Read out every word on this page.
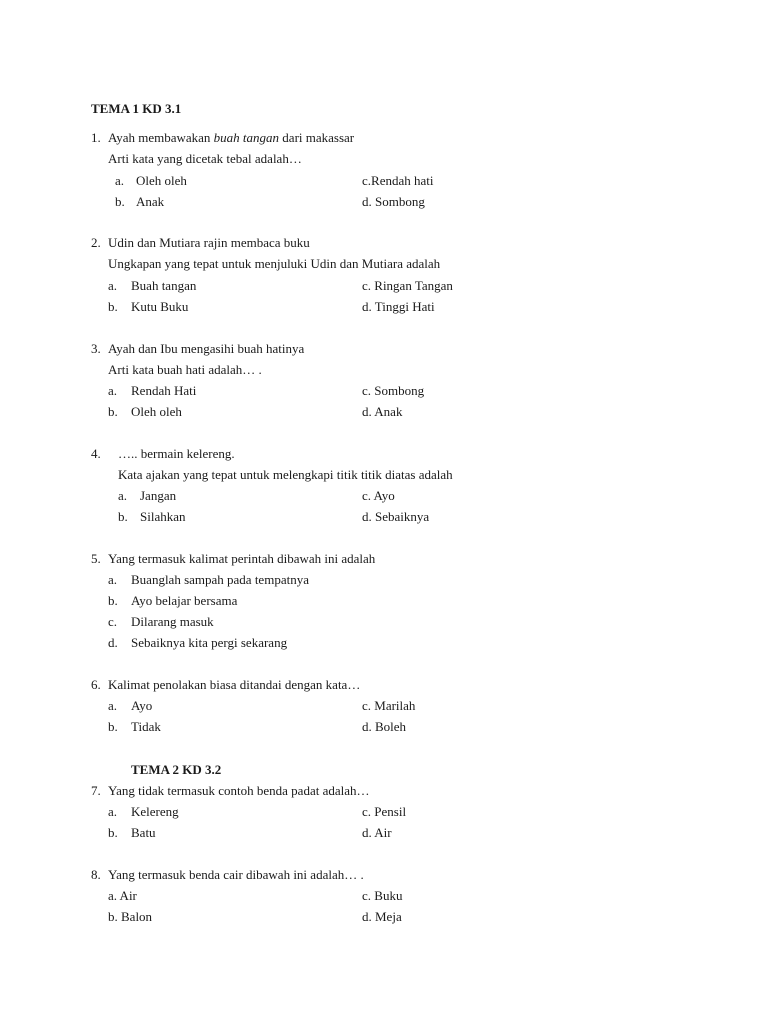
TEMA 1 KD 3.1
1. Ayah membawakan buah tangan dari makassar
Arti kata yang dicetak tebal adalah…
a. Oleh oleh	c.Rendah hati
b. Anak	d. Sombong
2. Udin dan Mutiara rajin membaca buku
Ungkapan yang tepat untuk menjuluki Udin dan Mutiara adalah
a. Buah tangan	c. Ringan Tangan
b. Kutu Buku	d. Tinggi Hati
3. Ayah dan Ibu mengasihi buah hatinya
Arti kata buah hati adalah… .
a. Rendah Hati	c. Sombong
b. Oleh oleh	d. Anak
4. ….. bermain kelereng.
Kata ajakan yang tepat untuk melengkapi titik titik diatas adalah
a. Jangan	c. Ayo
b. Silahkan	d. Sebaiknya
5. Yang termasuk kalimat perintah dibawah ini adalah
a. Buanglah sampah pada tempatnya
b. Ayo belajar bersama
c. Dilarang masuk
d. Sebaiknya kita pergi sekarang
6. Kalimat penolakan biasa ditandai dengan kata…
a. Ayo	c. Marilah
b. Tidak	d. Boleh
TEMA 2 KD 3.2
7. Yang tidak termasuk contoh benda padat adalah…
a. Kelereng	c. Pensil
b. Batu	d. Air
8. Yang termasuk benda cair dibawah ini adalah… .
a. Air	c. Buku
b. Balon	d. Meja
